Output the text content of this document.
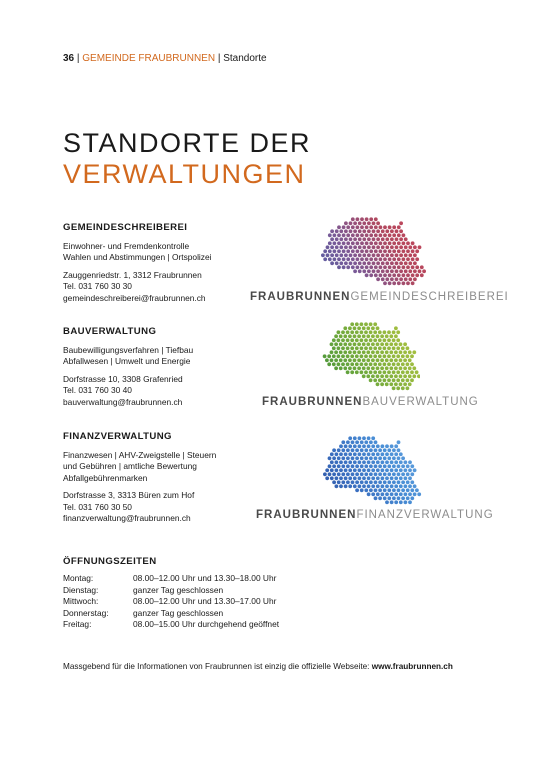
36 | GEMEINDE FRAUBRUNNEN | Standorte
STANDORTE DER
VERWALTUNGEN
GEMEINDESCHREIBEREI

Einwohner- und Fremdenkontrolle
Wahlen und Abstimmungen | Ortspolizei

Zauggenriedstr. 1, 3312 Fraubrunnen
Tel. 031 760 30 30
gemeindeschreiberei@fraubrunnen.ch	FRAUBRUNNENGEMEINDESCHREIBEREI
BAUVERWALTUNG

Baubewilligungsverfahren | Tiefbau
Abfallwesen | Umwelt und Energie

Dorfstrasse 10, 3308 Grafenried
Tel. 031 760 30 40
bauverwaltung@fraubrunnen.ch	FRAUBRUNNENBAUVERWALTUNG
FINANZVERWALTUNG

Finanzwesen | AHV-Zweigstelle | Steuern
und Gebühren | amtliche Bewertung
Abfallgebührenmarken

Dorfstrasse 3, 3313 Büren zum Hof
Tel. 031 760 30 50
finanzverwaltung@fraubrunnen.ch	FRAUBRUNNENFINANZVERWALTUNG
ÖFFNUNGSZEITEN
Montag:	08.00–12.00 Uhr und 13.30–18.00 Uhr
Dienstag:	ganzer Tag geschlossen
Mittwoch:	08.00–12.00 Uhr und 13.30–17.00 Uhr
Donnerstag:	ganzer Tag geschlossen
Freitag:	08.00–15.00 Uhr durchgehend geöffnet
Massgebend für die Informationen von Fraubrunnen ist einzig die offizielle Webseite: www.fraubrunnen.ch
